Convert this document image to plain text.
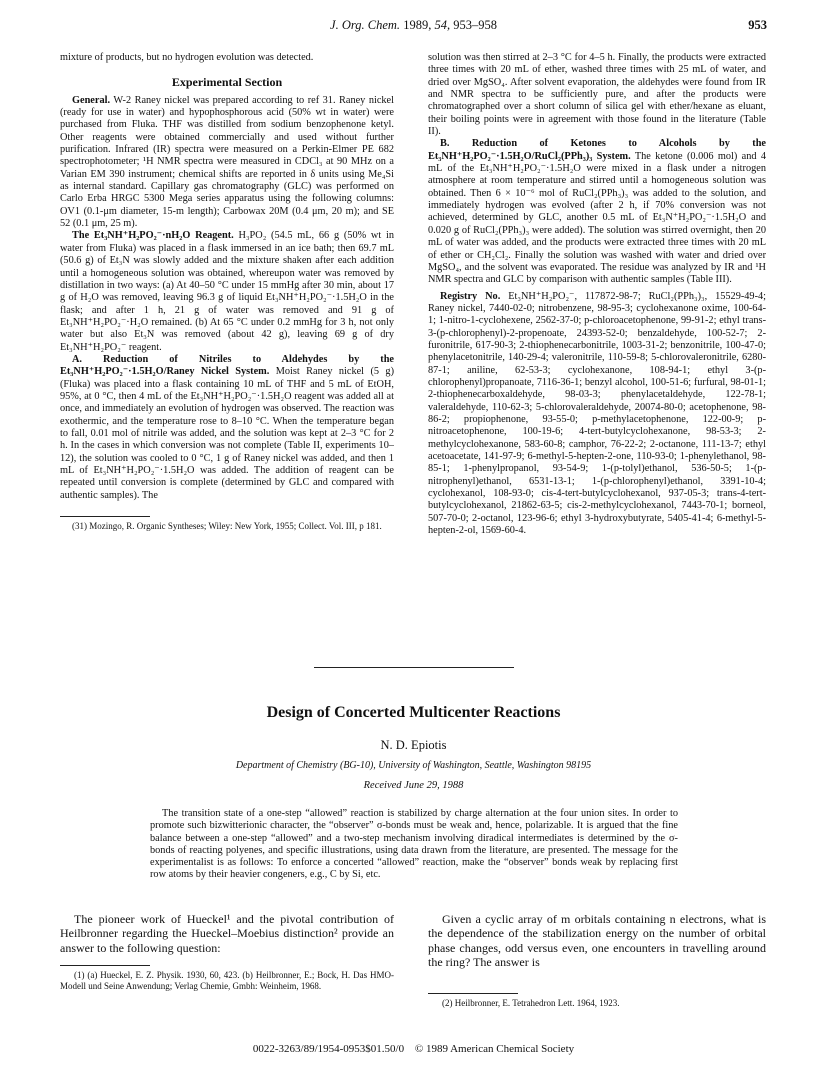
J. Org. Chem. 1989, 54, 953–958	953

mixture of products, but no hydrogen evolution was detected.

Experimental Section

General. W-2 Raney nickel was prepared according to ref 31. Raney nickel (ready for use in water) and hypophosphorous acid (50% wt in water) were purchased from Fluka. THF was distilled from sodium benzophenone ketyl. Other reagents were obtained commercially and used without further purification. Infrared (IR) spectra were measured on a Perkin-Elmer PE 682 spectrophotometer; ¹H NMR spectra were measured in CDCl₃ at 90 MHz on a Varian EM 390 instrument; chemical shifts are reported in δ units using Me₄Si as internal standard. Capillary gas chromatography (GLC) was performed on Carlo Erba HRGC 5300 Mega series apparatus using the following columns: OV1 (0.1-μm diameter, 15-m length); Carbowax 20M (0.4 μm, 20 m); and SE 52 (0.1 μm, 25 m).

The Et₃NH⁺H₂PO₂⁻·nH₂O Reagent. H₃PO₂ (54.5 mL, 66 g (50% wt in water from Fluka) was placed in a flask immersed in an ice bath; then 69.7 mL (50.6 g) of Et₃N was slowly added and the mixture shaken after each addition until a homogeneous solution was obtained, whereupon water was removed by distillation in two ways: (a) At 40–50 °C under 15 mmHg after 30 min, about 17 g of H₂O was removed, leaving 96.3 g of liquid Et₃NH⁺H₂PO₂⁻·1.5H₂O in the flask; and after 1 h, 21 g of water was removed and 91 g of Et₃NH⁺H₂PO₂⁻·H₂O remained. (b) At 65 °C under 0.2 mmHg for 3 h, not only water but also Et₃N was removed (about 42 g), leaving 69 g of dry Et₃NH⁺H₂PO₂⁻ reagent.

A. Reduction of Nitriles to Aldehydes by the Et₃NH⁺H₂PO₂⁻·1.5H₂O/Raney Nickel System. Moist Raney nickel (5 g) (Fluka) was placed into a flask containing 10 mL of THF and 5 mL of EtOH, 95%, at 0 °C, then 4 mL of the Et₃NH⁺H₂PO₂⁻·1.5H₂O reagent was added all at once, and immediately an evolution of hydrogen was observed. The reaction was exothermic, and the temperature rose to 8–10 °C. When the temperature began to fall, 0.01 mol of nitrile was added, and the solution was kept at 2–3 °C for 2 h. In the cases in which conversion was not complete (Table II, experiments 10–12), the solution was cooled to 0 °C, 1 g of Raney nickel was added, and then 1 mL of Et₃NH⁺H₂PO₂⁻·1.5H₂O was added. The addition of reagent can be repeated until conversion is complete (determined by GLC and compared with authentic samples). The

(31) Mozingo, R. Organic Syntheses; Wiley: New York, 1955; Collect. Vol. III, p 181.

solution was then stirred at 2–3 °C for 4–5 h. Finally, the products were extracted three times with 20 mL of ether, washed three times with 25 mL of water, and dried over MgSO₄. After solvent evaporation, the aldehydes were found from IR and NMR spectra to be sufficiently pure, and after the products were chromatographed over a short column of silica gel with ether/hexane as eluant, their boiling points were in agreement with those found in the literature (Table II).

B. Reduction of Ketones to Alcohols by the Et₃NH⁺H₂PO₂⁻·1.5H₂O/RuCl₂(PPh₃)₃ System. The ketone (0.006 mol) and 4 mL of the Et₃NH⁺H₂PO₂⁻·1.5H₂O were mixed in a flask under a nitrogen atmosphere at room temperature and stirred until a homogeneous solution was obtained. Then 6 × 10⁻⁶ mol of RuCl₂(PPh₃)₃ was added to the solution, and immediately hydrogen was evolved (after 2 h, if 70% conversion was not achieved, determined by GLC, another 0.5 mL of Et₃N⁺H₂PO₂⁻·1.5H₂O and 0.020 g of RuCl₂(PPh₃)₃ were added). The solution was stirred overnight, then 20 mL of water was added, and the products were extracted three times with 20 mL of ether or CH₂Cl₂. Finally the solution was washed with water and dried over MgSO₄, and the solvent was evaporated. The residue was analyzed by IR and ¹H NMR spectra and GLC by comparison with authentic samples (Table III).

Registry No. Et₃NH⁺H₂PO₂⁻, 117872-98-7; RuCl₂(PPh₃)₃, 15529-49-4; Raney nickel, 7440-02-0; nitrobenzene, 98-95-3; cyclohexanone oxime, 100-64-1; 1-nitro-1-cyclohexene, 2562-37-0; p-chloroacetophenone, 99-91-2; ethyl trans-3-(p-chlorophenyl)-2-propenoate, 24393-52-0; benzaldehyde, 100-52-7; 2-furonitrile, 617-90-3; 2-thiophenecarbonitrile, 1003-31-2; benzonitrile, 100-47-0; phenylacetonitrile, 140-29-4; valeronitrile, 110-59-8; 5-chlorovaleronitrile, 6280-87-1; aniline, 62-53-3; cyclohexanone, 108-94-1; ethyl 3-(p-chlorophenyl)propanoate, 7116-36-1; benzyl alcohol, 100-51-6; furfural, 98-01-1; 2-thiophenecarboxaldehyde, 98-03-3; phenylacetaldehyde, 122-78-1; valeraldehyde, 110-62-3; 5-chlorovaleraldehyde, 20074-80-0; acetophenone, 98-86-2; propiophenone, 93-55-0; p-methylacetophenone, 122-00-9; p-nitroacetophenone, 100-19-6; 4-tert-butylcyclohexanone, 98-53-3; 2-methylcyclohexanone, 583-60-8; camphor, 76-22-2; 2-octanone, 111-13-7; ethyl acetoacetate, 141-97-9; 6-methyl-5-hepten-2-one, 110-93-0; 1-phenylethanol, 98-85-1; 1-phenylpropanol, 93-54-9; 1-(p-tolyl)ethanol, 536-50-5; 1-(p-nitrophenyl)ethanol, 6531-13-1; 1-(p-chlorophenyl)ethanol, 3391-10-4; cyclohexanol, 108-93-0; cis-4-tert-butylcyclohexanol, 937-05-3; trans-4-tert-butylcyclohexanol, 21862-63-5; cis-2-methylcyclohexanol, 7443-70-1; borneol, 507-70-0; 2-octanol, 123-96-6; ethyl 3-hydroxybutyrate, 5405-41-4; 6-methyl-5-hepten-2-ol, 1569-60-4.

Design of Concerted Multicenter Reactions
N. D. Epiotis
Department of Chemistry (BG-10), University of Washington, Seattle, Washington 98195
Received June 29, 1988

The transition state of a one-step “allowed” reaction is stabilized by charge alternation at the four union sites. In order to promote such bizwitterionic character, the “observer” σ-bonds must be weak and, hence, polarizable. It is argued that the fine balance between a one-step “allowed” and a two-step mechanism involving diradical intermediates is determined by the σ-bonds of reacting polyenes, and specific illustrations, using data drawn from the literature, are presented. The message for the experimentalist is as follows: To enforce a concerted “allowed” reaction, make the “observer” bonds weak by replacing first row atoms by their heavier congeners, e.g., C by Si, etc.

The pioneer work of Hueckel¹ and the pivotal contribution of Heilbronner regarding the Hueckel–Moebius distinction² provide an answer to the following question:

(1) (a) Hueckel, E. Z. Physik. 1930, 60, 423. (b) Heilbronner, E.; Bock, H. Das HMO-Modell und Seine Anwendung; Verlag Chemie, Gmbh: Weinheim, 1968.

Given a cyclic array of m orbitals containing n electrons, what is the dependence of the stabilization energy on the number of orbital phase changes, odd versus even, one encounters in travelling around the ring? The answer is

(2) Heilbronner, E. Tetrahedron Lett. 1964, 1923.

0022-3263/89/1954-0953$01.50/0 © 1989 American Chemical Society
